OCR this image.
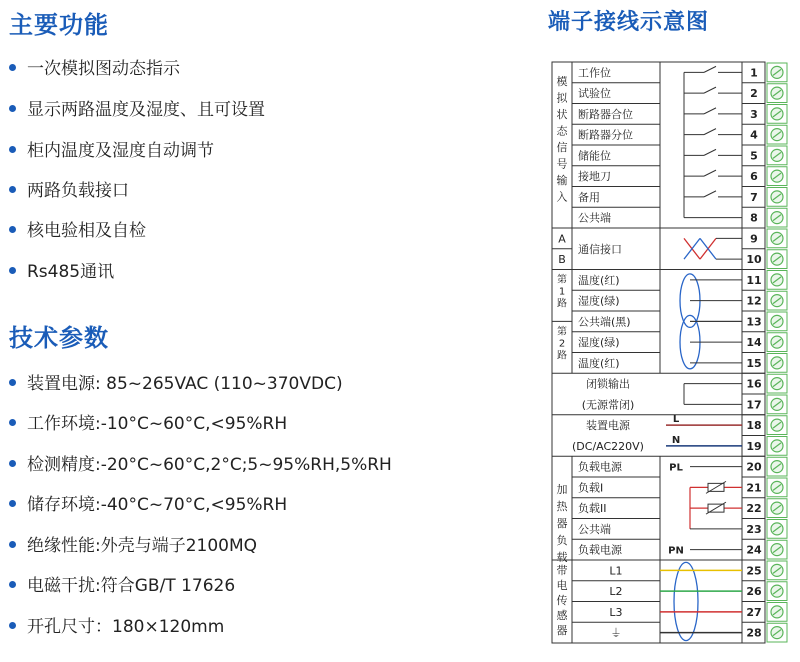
主要功能
一次模拟图动态指示
显示两路温度及湿度、且可设置
柜内温度及湿度自动调节
两路负载接口
核电验相及自检
Rs485通讯
技术参数
装置电源: 85~265VAC (110~370VDC)
工作环境:-10°C~60°C,<95%RH
检测精度:-20°C~60°C,2°C;5~95%RH,5%RH
储存环境:-40°C~70°C,<95%RH
绝缘性能:外壳与端子2100MQ
电磁干扰:符合GB/T 17626
开孔尺寸：180×120mm
端子接线示意图
模
拟
状
态
信
号
输
入
第
1
路
第
2
路
加
热
器
负
载
带
电
传
感
器
A
B
工作位
试验位
断路器合位
断路器分位
储能位
接地刀
备用
公共端
通信接口
温度(红)
湿度(绿)
公共端(黑)
湿度(绿)
温度(红)
闭锁输出
(无源常闭)
装置电源
(DC/AC220V)
负载电源
负载I
负载II
公共端
负载电源
L1
L2
L3
⏚
1
2
3
4
5
6
7
8
9
10
11
12
13
14
15
16
17
18
19
20
21
22
23
24
25
26
27
28
L
N
PL
PN
